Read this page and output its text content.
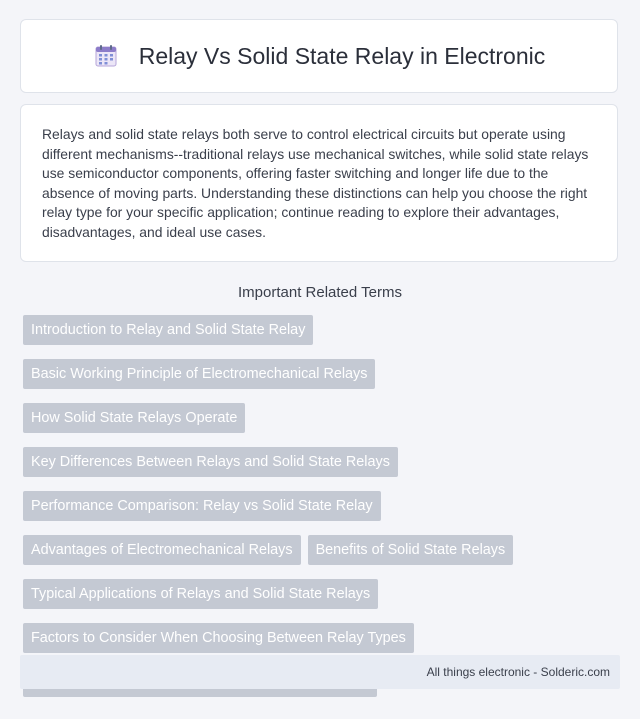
Relay Vs Solid State Relay in Electronic

Relays and solid state relays both serve to control electrical circuits but operate using different mechanisms--traditional relays use mechanical switches, while solid state relays use semiconductor components, offering faster switching and longer life due to the absence of moving parts. Understanding these distinctions can help you choose the right relay type for your specific application; continue reading to explore their advantages, disadvantages, and ideal use cases.

Important Related Terms
Introduction to Relay and Solid State Relay
Basic Working Principle of Electromechanical Relays
How Solid State Relays Operate
Key Differences Between Relays and Solid State Relays
Performance Comparison: Relay vs Solid State Relay
Advantages of Electromechanical Relays	Benefits of Solid State Relays
Typical Applications of Relays and Solid State Relays
Factors to Consider When Choosing Between Relay Types
All things electronic - Solderic.com
